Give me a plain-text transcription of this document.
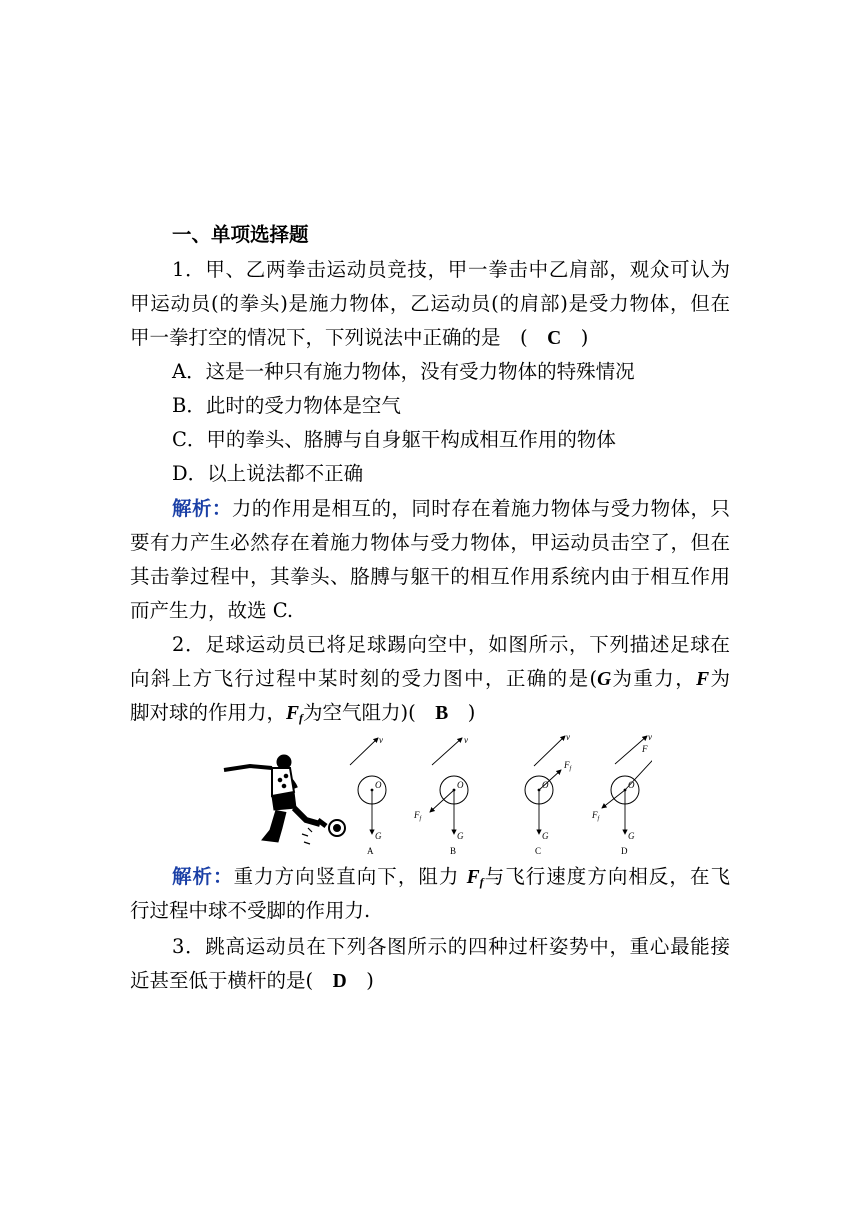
一、单项选择题
1．甲、乙两拳击运动员竞技，甲一拳击中乙肩部，观众可认为
甲运动员(的拳头)是施力物体，乙运动员(的肩部)是受力物体，但在
甲一拳打空的情况下，下列说法中正确的是　(　C　)
A．这是一种只有施力物体，没有受力物体的特殊情况
B．此时的受力物体是空气
C．甲的拳头、胳膊与自身躯干构成相互作用的物体
D．以上说法都不正确
解析：力的作用是相互的，同时存在着施力物体与受力物体，只
要有力产生必然存在着施力物体与受力物体，甲运动员击空了，但在
其击拳过程中，其拳头、胳膊与躯干的相互作用系统内由于相互作用
而产生力，故选 C.
2．足球运动员已将足球踢向空中，如图所示，下列描述足球在
向斜上方飞行过程中某时刻的受力图中，正确的是(G为重力，F为
脚对球的作用力，$F_f$为空气阻力)(　B　)
v
O
G
A
v
O
$F_f$
G
B
v
$F_f$
O
G
C
v
F
O
$F_f$
G
D
解析：重力方向竖直向下，阻力 $F_f$与飞行速度方向相反，在飞
行过程中球不受脚的作用力.
3．跳高运动员在下列各图所示的四种过杆姿势中，重心最能接
近甚至低于横杆的是(　D　)
